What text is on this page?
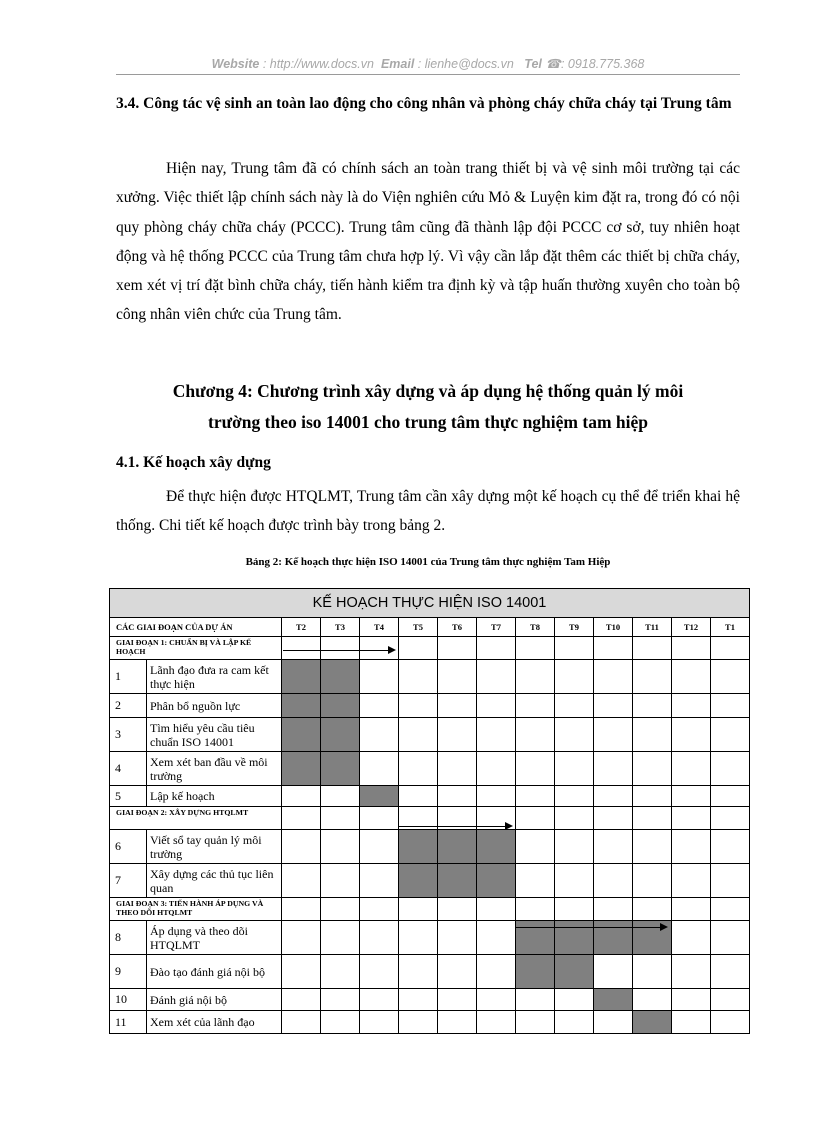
Website : http://www.docs.vn Email : lienhe@docs.vn Tel ☎: 0918.775.368
3.4. Công tác vệ sinh an toàn lao động cho công nhân và phòng cháy chữa cháy tại Trung tâm
Hiện nay, Trung tâm đã có chính sách an toàn trang thiết bị và vệ sinh môi trường tại các xưởng. Việc thiết lập chính sách này là do Viện nghiên cứu Mỏ & Luyện kim đặt ra, trong đó có nội quy phòng cháy chữa cháy (PCCC). Trung tâm cũng đã thành lập đội PCCC cơ sở, tuy nhiên hoạt động và hệ thống PCCC của Trung tâm chưa hợp lý. Vì vậy cần lắp đặt thêm các thiết bị chữa cháy, xem xét vị trí đặt bình chữa cháy, tiến hành kiểm tra định kỳ và tập huấn thường xuyên cho toàn bộ công nhân viên chức của Trung tâm.
Chương 4: Chương trình xây dựng và áp dụng hệ thống quản lý môi
trường theo iso 14001 cho trung tâm thực nghiệm tam hiệp
4.1. Kế hoạch xây dựng
Để thực hiện được HTQLMT, Trung tâm cần xây dựng một kế hoạch cụ thể để triển khai hệ thống. Chi tiết kế hoạch được trình bày trong bảng 2.
Bảng 2: Kế hoạch thực hiện ISO 14001 của Trung tâm thực nghiệm Tam Hiệp
KẾ HOẠCH THỰC HIỆN ISO 14001													
CÁC GIAI ĐOẠN CỦA DỰ ÁN		T2	T3	T4	T5	T6	T7	T8	T9	T10	T11	T12	T1
GIAI ĐOẠN 1: CHUẨN BỊ VÀ LẬP KẾ HOẠCH													
1	Lãnh đạo đưa ra cam kết thực hiện												
2	Phân bổ nguồn lực												
3	Tìm hiểu yêu cầu tiêu chuẩn ISO 14001												
4	Xem xét ban đầu về môi trường												
5	Lập kế hoạch												
GIAI ĐOẠN 2: XÂY DỰNG HTQLMT													
6	Viết sổ tay quản lý môi trường												
7	Xây dựng các thủ tục liên quan												
GIAI ĐOẠN 3: TIẾN HÀNH ÁP DỤNG VÀ THEO DÕI HTQLMT													
8	Áp dụng và theo dõi HTQLMT												
9	Đào tạo đánh giá nội bộ												
10	Đánh giá nội bộ												
11	Xem xét của lãnh đạo												
